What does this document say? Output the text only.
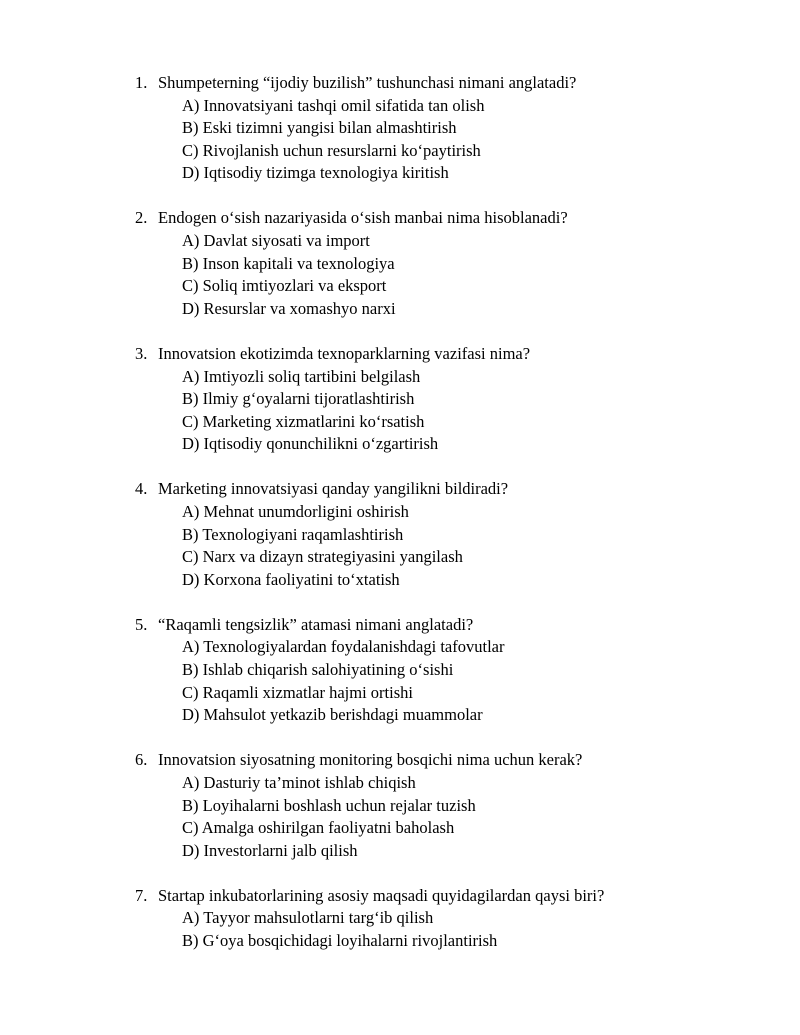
1. Shumpeterning “ijodiy buzilish” tushunchasi nimani anglatadi?
A) Innovatsiyani tashqi omil sifatida tan olish
B) Eski tizimni yangisi bilan almashtirish
C) Rivojlanish uchun resurslarni ko‘paytirish
D) Iqtisodiy tizimga texnologiya kiritish
2. Endogen o‘sish nazariyasida o‘sish manbai nima hisoblanadi?
A) Davlat siyosati va import
B) Inson kapitali va texnologiya
C) Soliq imtiyozlari va eksport
D) Resurslar va xomashyo narxi
3. Innovatsion ekotizimda texnoparklarning vazifasi nima?
A) Imtiyozli soliq tartibini belgilash
B) Ilmiy g‘oyalarni tijoratlashtirish
C) Marketing xizmatlarini ko‘rsatish
D) Iqtisodiy qonunchilikni o‘zgartirish
4. Marketing innovatsiyasi qanday yangilikni bildiradi?
A) Mehnat unumdorligini oshirish
B) Texnologiyani raqamlashtirish
C) Narx va dizayn strategiyasini yangilash
D) Korxona faoliyatini to‘xtatish
5. “Raqamli tengsizlik” atamasi nimani anglatadi?
A) Texnologiyalardan foydalanishdagi tafovutlar
B) Ishlab chiqarish salohiyatining o‘sishi
C) Raqamli xizmatlar hajmi ortishi
D) Mahsulot yetkazib berishdagi muammolar
6. Innovatsion siyosatning monitoring bosqichi nima uchun kerak?
A) Dasturiy ta’minot ishlab chiqish
B) Loyihalarni boshlash uchun rejalar tuzish
C) Amalga oshirilgan faoliyatni baholash
D) Investorlarni jalb qilish
7. Startap inkubatorlarining asosiy maqsadi quyidagilardan qaysi biri?
A) Tayyor mahsulotlarni targ‘ib qilish
B) G‘oya bosqichidagi loyihalarni rivojlantirish
